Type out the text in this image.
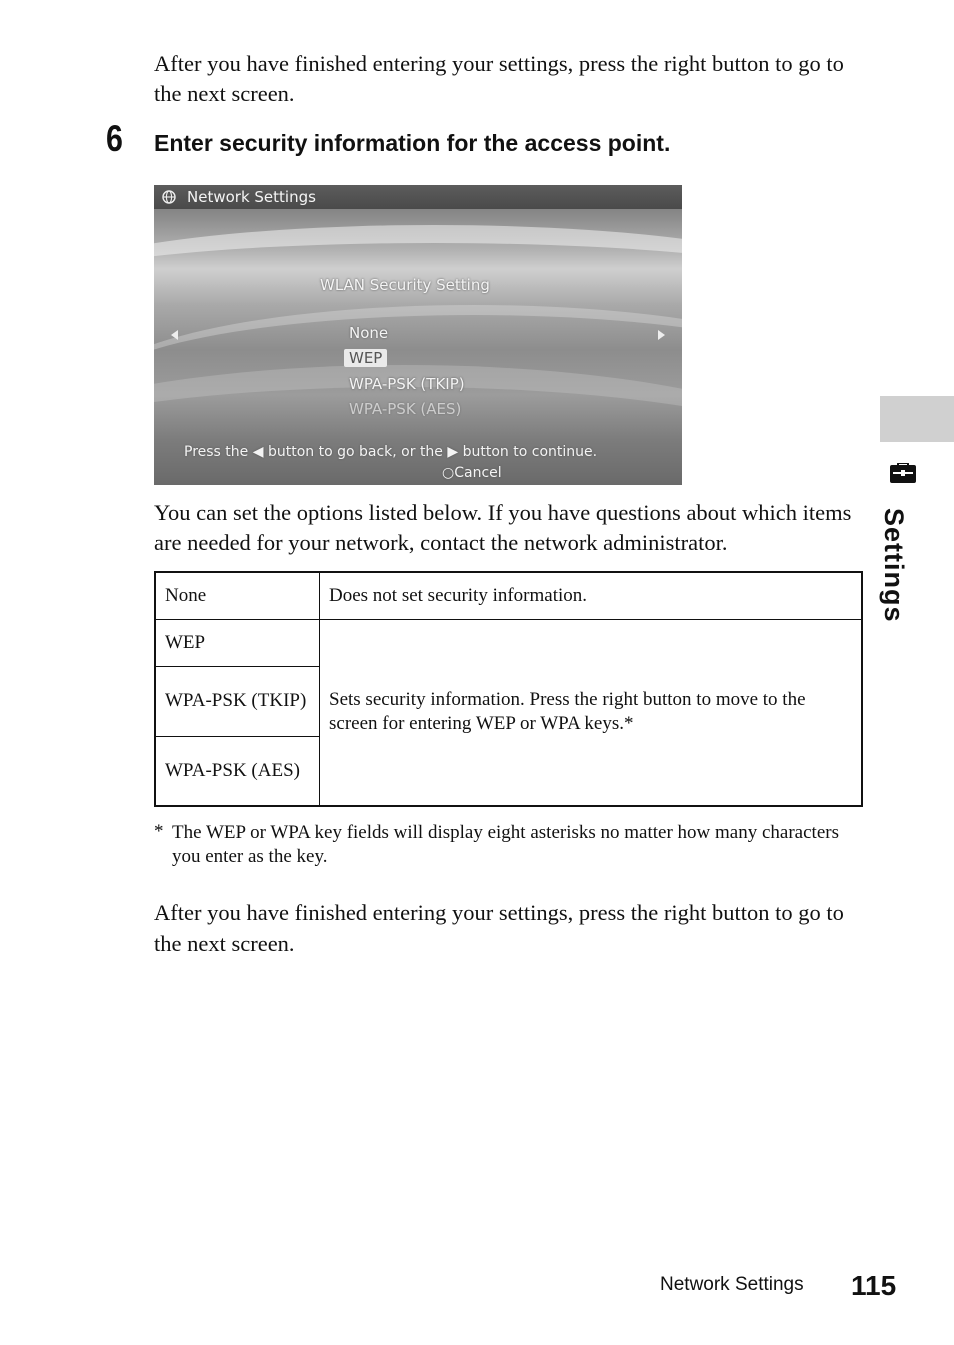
After you have finished entering your settings, press the right button to go to the next screen.

6 Enter security information for the access point.
Network Settings
WLAN Security Setting
None
WEP
WPA-PSK (TKIP)
WPA-PSK (AES)
Press the ◀ button to go back, or the ▶ button to continue.
○Cancel

You can set the options listed below. If you have questions about which items are needed for your network, contact the network administrator.

None	Does not set security information.
WEP	Sets security information. Press the right button to move to the screen for entering WEP or WPA keys.*
WPA-PSK (TKIP)	
WPA-PSK (AES)	
* The WEP or WPA key fields will display eight asterisks no matter how many characters you enter as the key.

After you have finished entering your settings, press the right button to go to the next screen.

Settings
Network Settings 115
